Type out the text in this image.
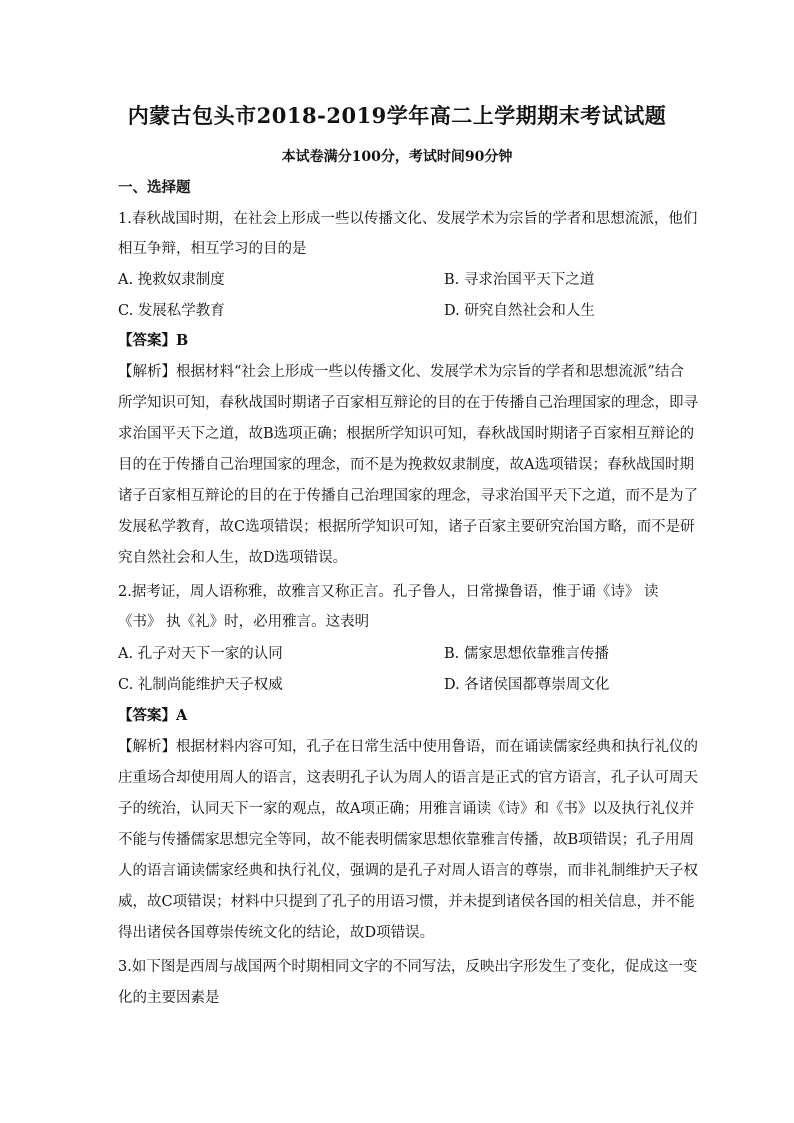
内蒙古包头市2018-2019学年高二上学期期末考试试题
本试卷满分100分，考试时间90分钟
一、选择题
1.春秋战国时期，在社会上形成一些以传播文化、发展学术为宗旨的学者和思想流派，他们
相互争辩，相互学习的目的是
A. 挽救奴隶制度	B. 寻求治国平天下之道
C. 发展私学教育	D. 研究自然社会和人生
【答案】B
【解析】根据材料“社会上形成一些以传播文化、发展学术为宗旨的学者和思想流派”结合
所学知识可知，春秋战国时期诸子百家相互辩论的目的在于传播自己治理国家的理念，即寻
求治国平天下之道，故B选项正确；根据所学知识可知，春秋战国时期诸子百家相互辩论的
目的在于传播自己治理国家的理念，而不是为挽救奴隶制度，故A选项错误；春秋战国时期
诸子百家相互辩论的目的在于传播自己治理国家的理念，寻求治国平天下之道，而不是为了
发展私学教育，故C选项错误；根据所学知识可知，诸子百家主要研究治国方略，而不是研
究自然社会和人生，故D选项错误。
2.据考证，周人语称雅，故雅言又称正言。孔子鲁人，日常操鲁语，惟于诵《诗》 读
《书》 执《礼》时，必用雅言。这表明
A. 孔子对天下一家的认同	B. 儒家思想依靠雅言传播
C. 礼制尚能维护天子权威	D. 各诸侯国都尊崇周文化
【答案】A
【解析】根据材料内容可知，孔子在日常生活中使用鲁语，而在诵读儒家经典和执行礼仪的
庄重场合却使用周人的语言，这表明孔子认为周人的语言是正式的官方语言，孔子认可周天
子的统治，认同天下一家的观点，故A项正确；用雅言诵读《诗》和《书》以及执行礼仪并
不能与传播儒家思想完全等同，故不能表明儒家思想依靠雅言传播，故B项错误；孔子用周
人的语言诵读儒家经典和执行礼仪，强调的是孔子对周人语言的尊崇，而非礼制维护天子权
威，故C项错误；材料中只提到了孔子的用语习惯，并未提到诸侯各国的相关信息，并不能
得出诸侯各国尊崇传统文化的结论，故D项错误。
3.如下图是西周与战国两个时期相同文字的不同写法，反映出字形发生了变化，促成这一变
化的主要因素是
